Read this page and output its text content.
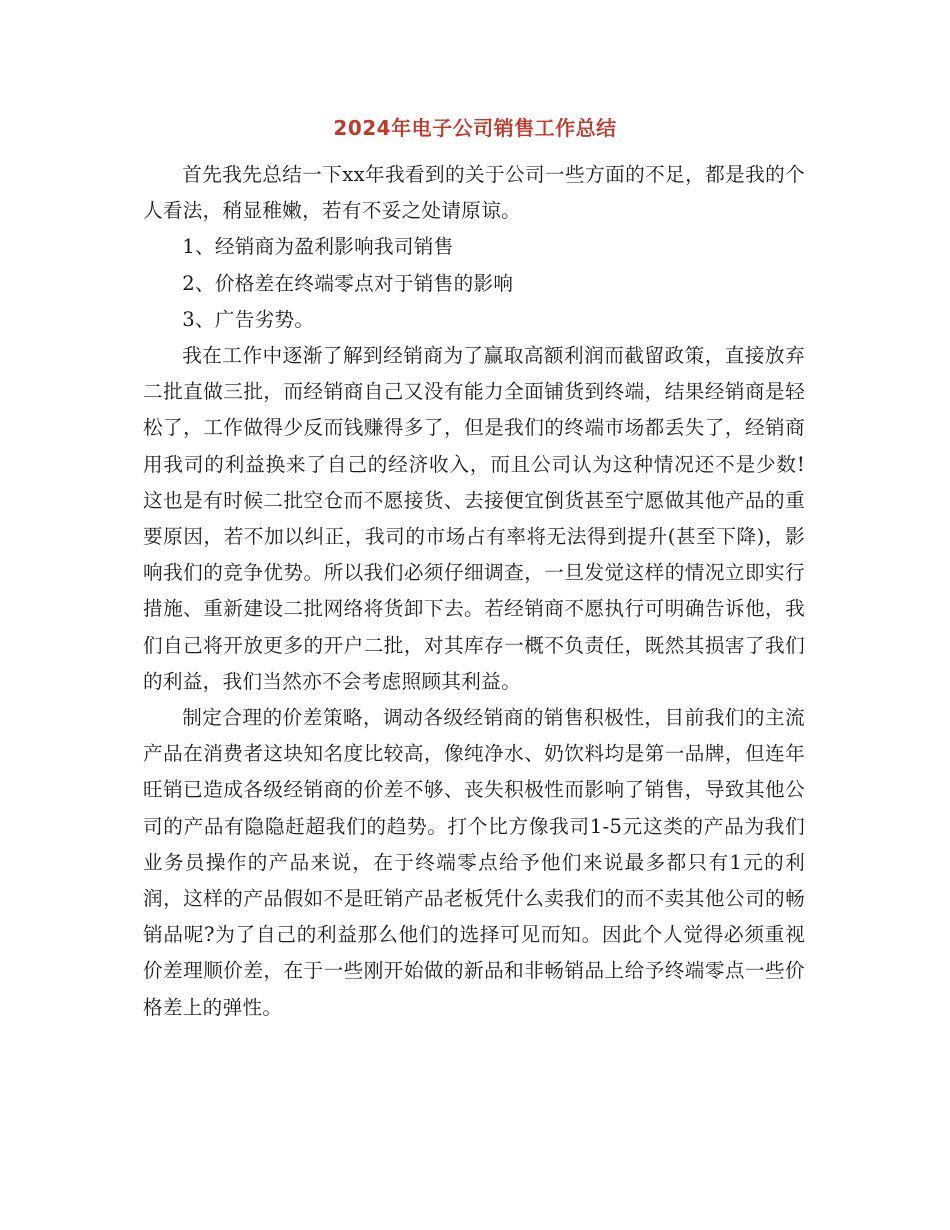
2024年电子公司销售工作总结

首先我先总结一下xx年我看到的关于公司一些方面的不足，都是我的个人看法，稍显稚嫩，若有不妥之处请原谅。

1、经销商为盈利影响我司销售

2、价格差在终端零点对于销售的影响

3、广告劣势。

我在工作中逐渐了解到经销商为了赢取高额利润而截留政策，直接放弃二批直做三批，而经销商自己又没有能力全面铺货到终端，结果经销商是轻松了，工作做得少反而钱赚得多了，但是我们的终端市场都丢失了，经销商用我司的利益换来了自己的经济收入，而且公司认为这种情况还不是少数!这也是有时候二批空仓而不愿接货、去接便宜倒货甚至宁愿做其他产品的重要原因，若不加以纠正，我司的市场占有率将无法得到提升(甚至下降)，影响我们的竞争优势。所以我们必须仔细调查，一旦发觉这样的情况立即实行措施、重新建设二批网络将货卸下去。若经销商不愿执行可明确告诉他，我们自己将开放更多的开户二批，对其库存一概不负责任，既然其损害了我们的利益，我们当然亦不会考虑照顾其利益。

制定合理的价差策略，调动各级经销商的销售积极性，目前我们的主流产品在消费者这块知名度比较高，像纯净水、奶饮料均是第一品牌，但连年旺销已造成各级经销商的价差不够、丧失积极性而影响了销售，导致其他公司的产品有隐隐赶超我们的趋势。打个比方像我司1-5元这类的产品为我们业务员操作的产品来说，在于终端零点给予他们来说最多都只有1元的利润，这样的产品假如不是旺销产品老板凭什么卖我们的而不卖其他公司的畅销品呢?为了自己的利益那么他们的选择可见而知。因此个人觉得必须重视价差理顺价差，在于一些刚开始做的新品和非畅销品上给予终端零点一些价格差上的弹性。
